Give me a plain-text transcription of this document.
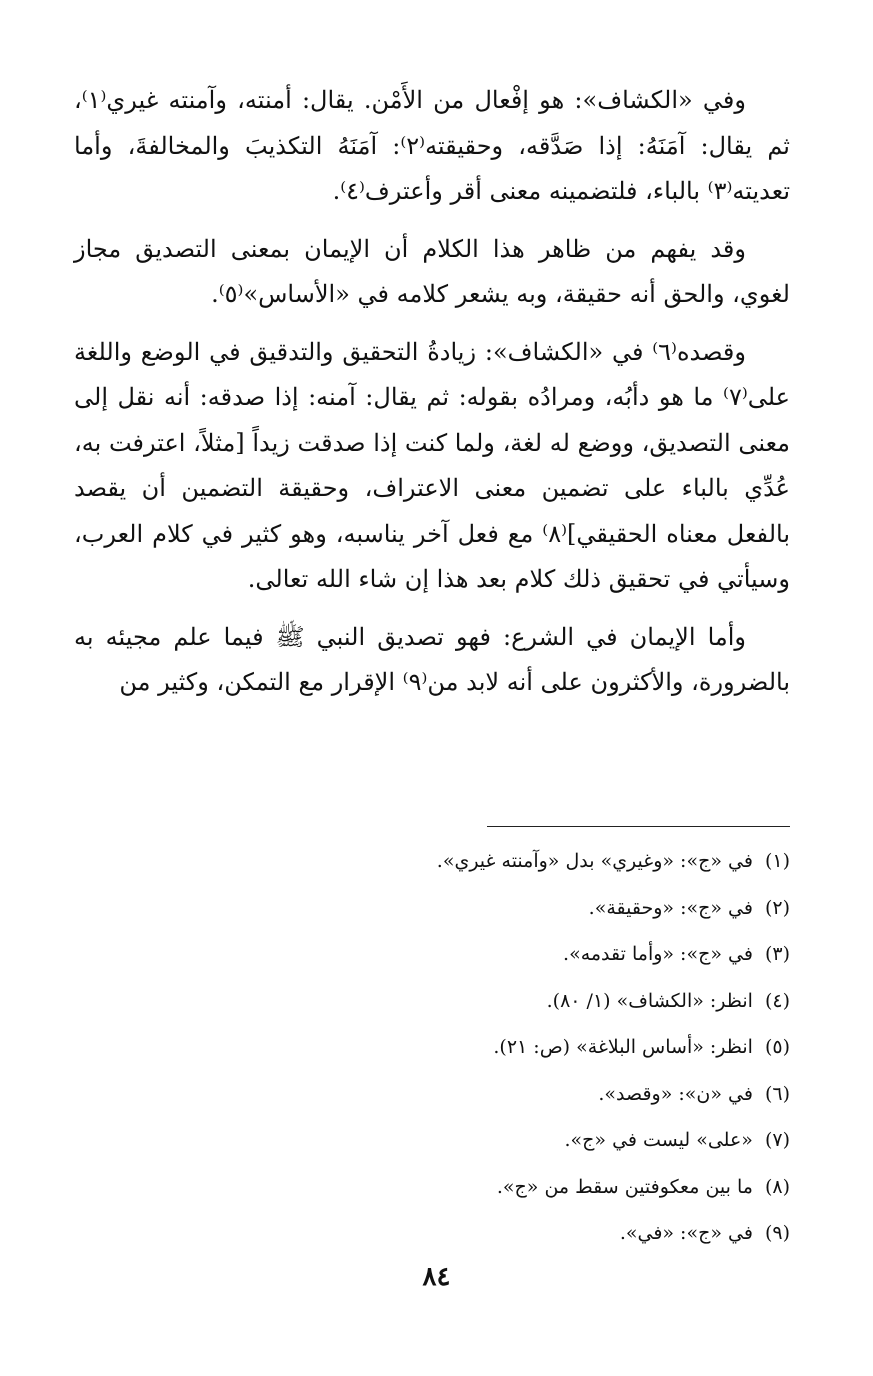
وفي «الكشاف»: هو إفْعال من الأَمْن. يقال: أمنته، وآمنته غيري⁽١⁾، ثم يقال: آمَنَهُ: إذا صَدَّقه، وحقيقته⁽٢⁾: آمَنَهُ التكذيبَ والمخالفةَ، وأما تعديته⁽٣⁾ بالباء، فلتضمينه معنى أقر وأعترف⁽٤⁾.

وقد يفهم من ظاهر هذا الكلام أن الإيمان بمعنى التصديق مجاز لغوي، والحق أنه حقيقة، وبه يشعر كلامه في «الأساس»⁽٥⁾.

وقصده⁽٦⁾ في «الكشاف»: زيادةُ التحقيق والتدقيق في الوضع واللغة على⁽٧⁾ ما هو دأبُه، ومرادُه بقوله: ثم يقال: آمنه: إذا صدقه: أنه نقل إلى معنى التصديق، ووضع له لغة، ولما كنت إذا صدقت زيداً [مثلاً، اعترفت به، عُدِّي بالباء على تضمين معنى الاعتراف، وحقيقة التضمين أن يقصد بالفعل معناه الحقيقي]⁽٨⁾ مع فعل آخر يناسبه، وهو كثير في كلام العرب، وسيأتي في تحقيق ذلك كلام بعد هذا إن شاء الله تعالى.

وأما الإيمان في الشرع: فهو تصديق النبي ﷺ فيما علم مجيئه به بالضرورة، والأكثرون على أنه لابد من⁽٩⁾ الإقرار مع التمكن، وكثير من

(١)في «ج»: «وغيري» بدل «وآمنته غيري».

(٢)في «ج»: «وحقيقة».

(٣)في «ج»: «وأما تقدمه».

(٤)انظر: «الكشاف» (١/ ٨٠).

(٥)انظر: «أساس البلاغة» (ص: ٢١).

(٦)في «ن»: «وقصد».

(٧)«على» ليست في «ج».

(٨)ما بين معكوفتين سقط من «ج».

(٩)في «ج»: «في».

٨٤
